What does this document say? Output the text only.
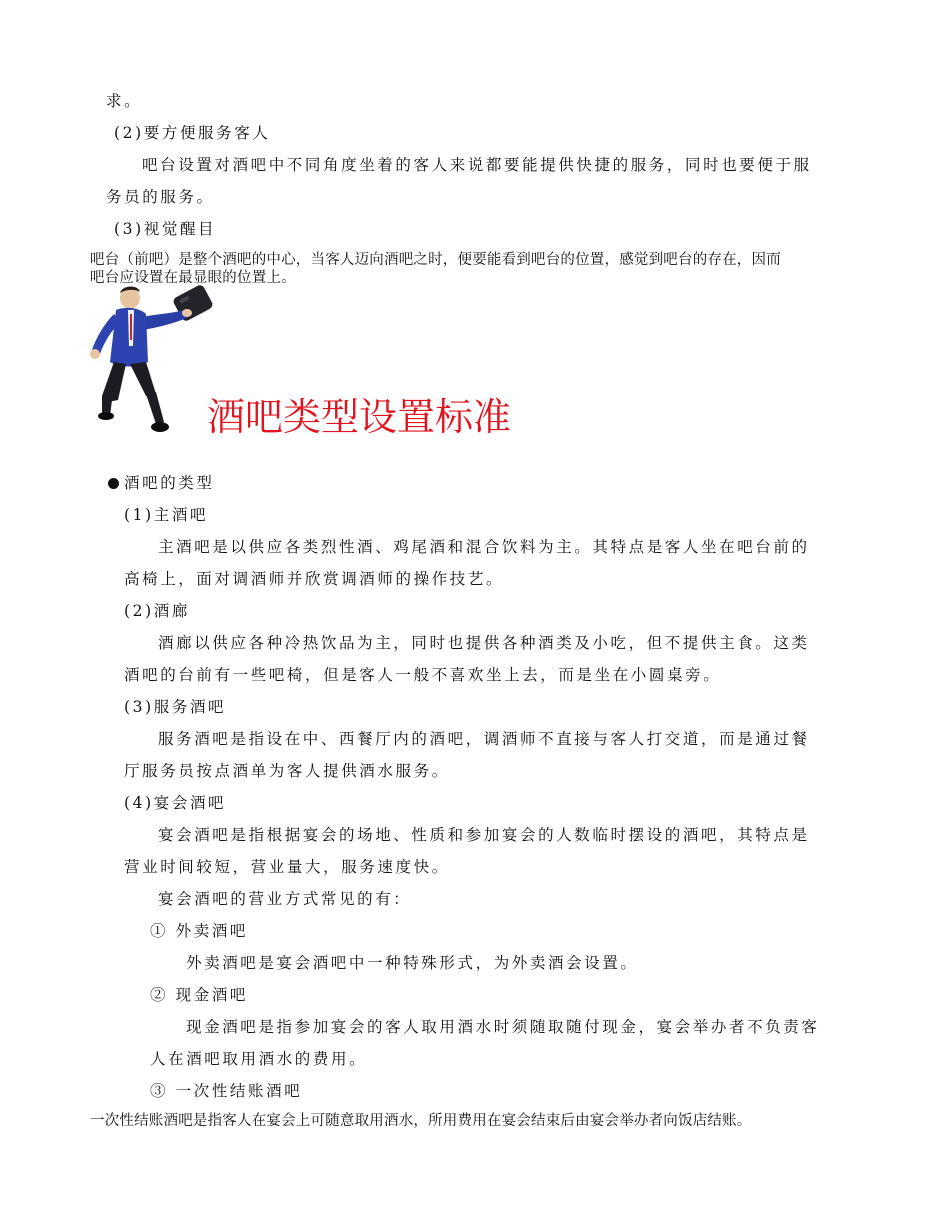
求。
(2)要方便服务客人
吧台设置对酒吧中不同角度坐着的客人来说都要能提供快捷的服务，同时也要便于服
务员的服务。
(3)视觉醒目
吧台（前吧）是整个酒吧的中心，当客人迈向酒吧之时，便要能看到吧台的位置，感觉到吧台的存在，因而
吧台应设置在最显眼的位置上。
酒吧类型设置标准
酒吧的类型
(1)主酒吧
主酒吧是以供应各类烈性酒、鸡尾酒和混合饮料为主。其特点是客人坐在吧台前的
高椅上，面对调酒师并欣赏调酒师的操作技艺。
(2)酒廊
酒廊以供应各种冷热饮品为主，同时也提供各种酒类及小吃，但不提供主食。这类
酒吧的台前有一些吧椅，但是客人一般不喜欢坐上去，而是坐在小圆桌旁。
(3)服务酒吧
服务酒吧是指设在中、西餐厅内的酒吧，调酒师不直接与客人打交道，而是通过餐
厅服务员按点酒单为客人提供酒水服务。
(4)宴会酒吧
宴会酒吧是指根据宴会的场地、性质和参加宴会的人数临时摆设的酒吧，其特点是
营业时间较短，营业量大，服务速度快。
宴会酒吧的营业方式常见的有：
① 外卖酒吧
外卖酒吧是宴会酒吧中一种特殊形式，为外卖酒会设置。
② 现金酒吧
现金酒吧是指参加宴会的客人取用酒水时须随取随付现金，宴会举办者不负责客
人在酒吧取用酒水的费用。
③ 一次性结账酒吧
一次性结账酒吧是指客人在宴会上可随意取用酒水，所用费用在宴会结束后由宴会举办者向饭店结账。
